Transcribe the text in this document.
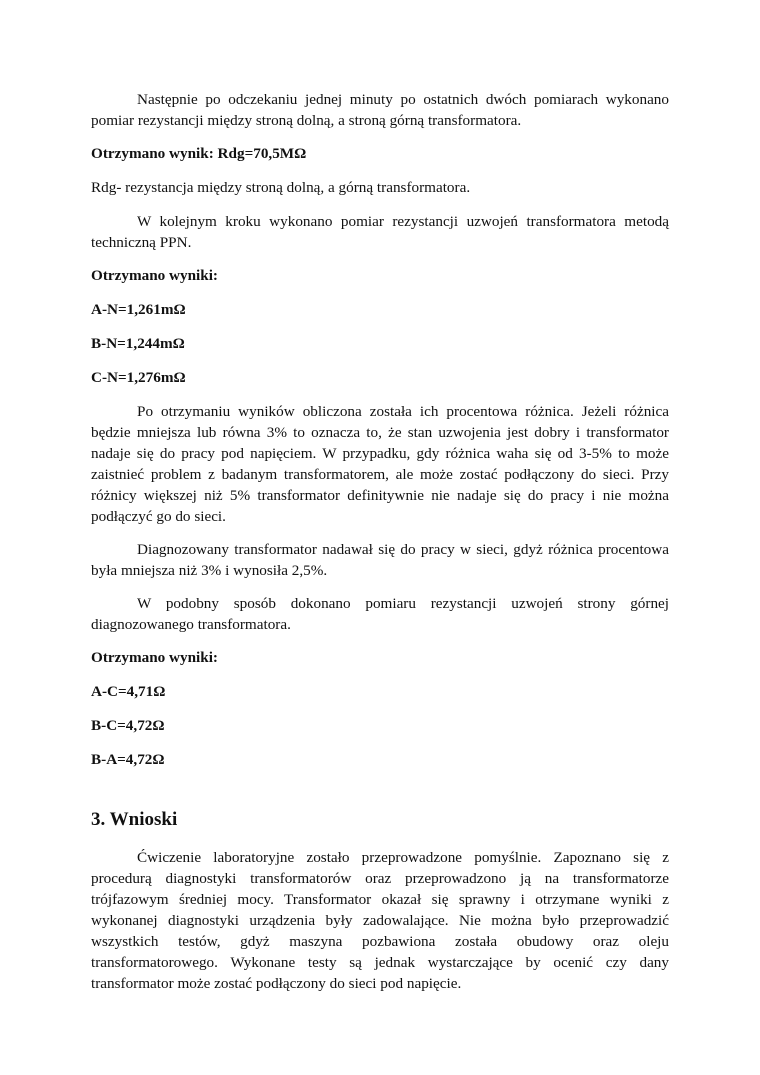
Następnie po odczekaniu jednej minuty po ostatnich dwóch pomiarach wykonano pomiar rezystancji między stroną dolną, a stroną górną transformatora.

Otrzymano wynik: Rdg=70,5MΩ
Rdg- rezystancja między stroną dolną, a górną transformatora.

W kolejnym kroku wykonano pomiar rezystancji uzwojeń transformatora metodą techniczną PPN.

Otrzymano wyniki:
A-N=1,261mΩ
B-N=1,244mΩ
C-N=1,276mΩ

Po otrzymaniu wyników obliczona została ich procentowa różnica. Jeżeli różnica będzie mniejsza lub równa 3% to oznacza to, że stan uzwojenia jest dobry i transformator nadaje się do pracy pod napięciem. W przypadku, gdy różnica waha się od 3-5% to może zaistnieć problem z badanym transformatorem, ale może zostać podłączony do sieci. Przy różnicy większej niż 5% transformator definitywnie nie nadaje się do pracy i nie można podłączyć go do sieci.

Diagnozowany transformator nadawał się do pracy w sieci, gdyż różnica procentowa była mniejsza niż 3% i wynosiła 2,5%.

W podobny sposób dokonano pomiaru rezystancji uzwojeń strony górnej diagnozowanego transformatora.

Otrzymano wyniki:
A-C=4,71Ω
B-C=4,72Ω
B-A=4,72Ω
3. Wnioski

Ćwiczenie laboratoryjne zostało przeprowadzone pomyślnie. Zapoznano się z procedurą diagnostyki transformatorów oraz przeprowadzono ją na transformatorze trójfazowym średniej mocy. Transformator okazał się sprawny i otrzymane wyniki z wykonanej diagnostyki urządzenia były zadowalające. Nie można było przeprowadzić wszystkich testów, gdyż maszyna pozbawiona została obudowy oraz oleju transformatorowego. Wykonane testy są jednak wystarczające by ocenić czy dany transformator może zostać podłączony do sieci pod napięcie.
